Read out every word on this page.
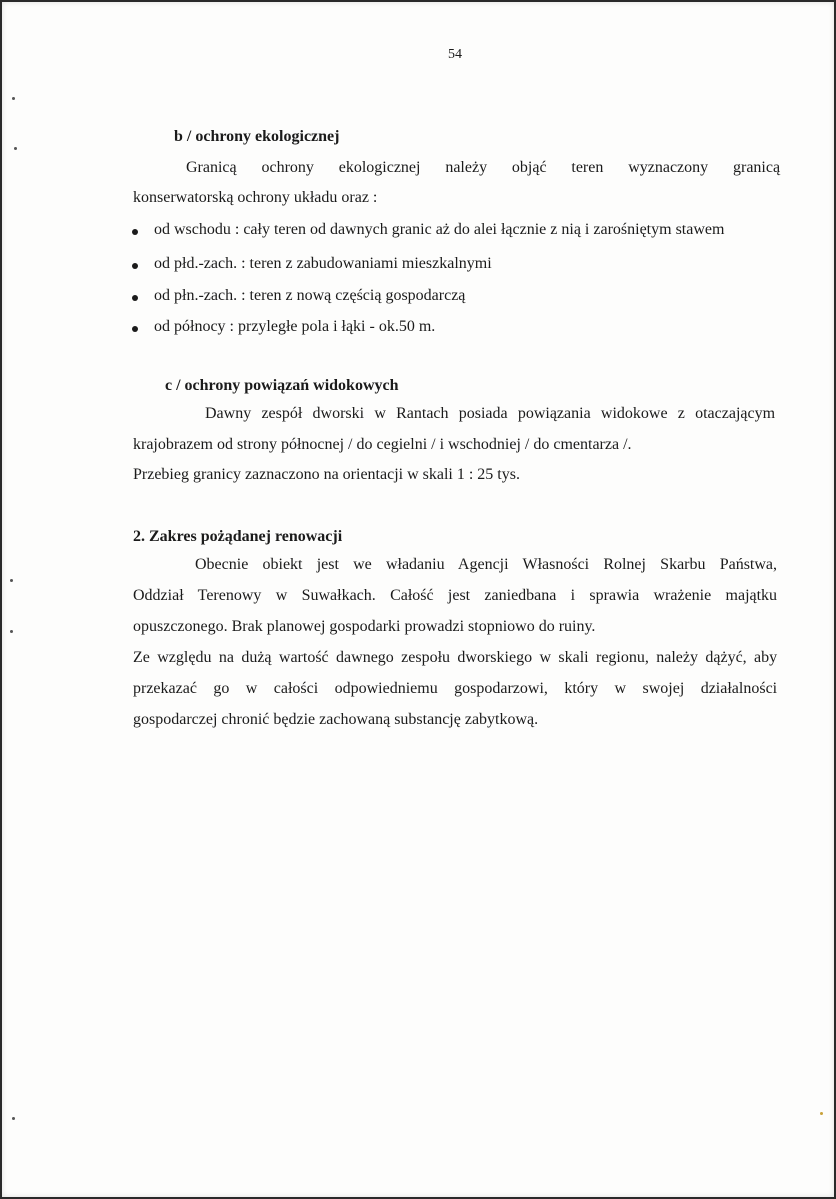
54
b / ochrony ekologicznej
Granicą ochrony ekologicznej należy objąć teren wyznaczony granicą
konserwatorską ochrony układu oraz :
od wschodu : cały teren od dawnych granic aż do alei łącznie z nią i zarośniętym stawem
od płd.-zach. : teren z zabudowaniami mieszkalnymi
od płn.-zach. : teren z nową częścią gospodarczą
od północy : przyległe pola i łąki - ok.50 m.
c / ochrony powiązań widokowych
Dawny zespół dworski w Rantach posiada powiązania widokowe z otaczającym
krajobrazem od strony północnej / do cegielni / i wschodniej / do cmentarza /.
Przebieg granicy zaznaczono na orientacji w skali 1 : 25 tys.
2. Zakres pożądanej renowacji
Obecnie obiekt jest we władaniu Agencji Własności Rolnej Skarbu Państwa,
Oddział Terenowy w Suwałkach. Całość jest zaniedbana i sprawia wrażenie majątku
opuszczonego. Brak planowej gospodarki prowadzi stopniowo do ruiny.
Ze względu na dużą wartość dawnego zespołu dworskiego w skali regionu, należy dążyć, aby
przekazać go w całości odpowiedniemu gospodarzowi, który w swojej działalności
gospodarczej chronić będzie zachowaną substancję zabytkową.
